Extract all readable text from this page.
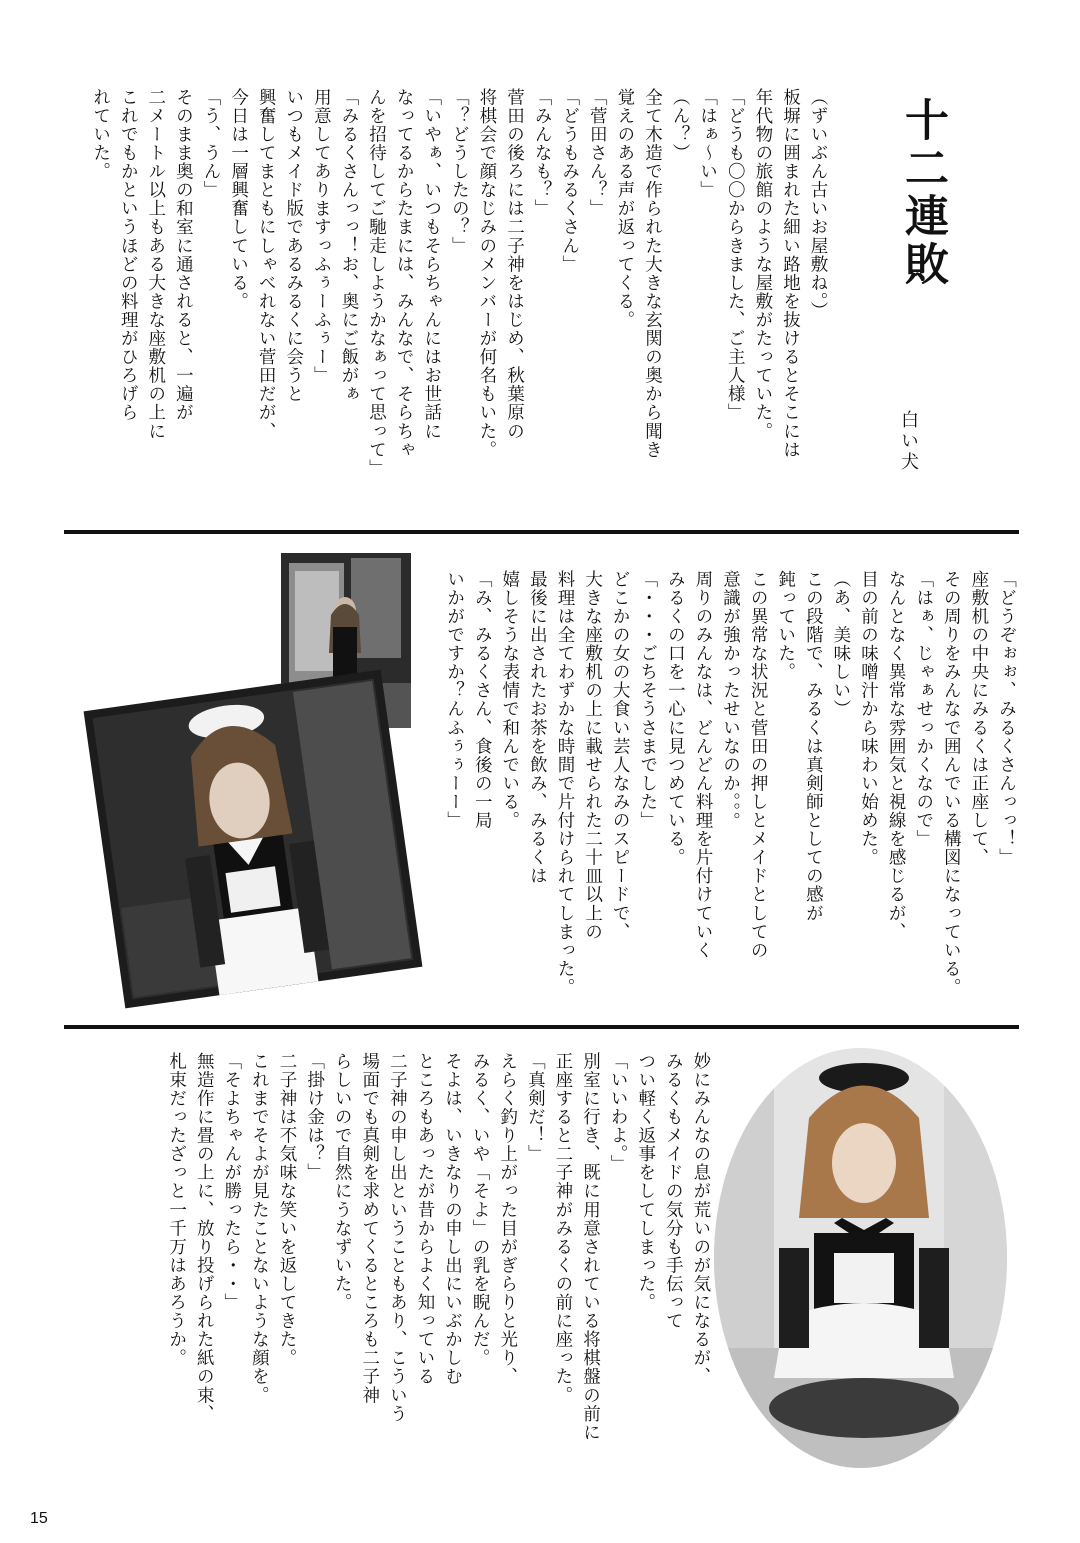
十二連敗
白い犬
（ずいぶん古いお屋敷ね。）
板塀に囲まれた細い路地を抜けるとそこには
年代物の旅館のような屋敷がたっていた。
「どうも〇〇からきました、ご主人様」
「はぁ～い」
（ん？）
全て木造で作られた大きな玄関の奥から聞き
覚えのある声が返ってくる。
「菅田さん？」
「どうもみるくさん」
「みんなも？」
菅田の後ろには二子神をはじめ、秋葉原の
将棋会で顔なじみのメンバーが何名もいた。
「？どうしたの？」
「いやぁ、いつもそらちゃんにはお世話に
なってるからたまには、みんなで、そらちゃ
んを招待してご馳走しようかなぁって思って」
「みるくさんっっ！お、奥にご飯がぁ
用意してありますっふぅーふぅー」
いつもメイド版であるみるくに会うと
興奮してまともにしゃべれない菅田だが、
今日は一層興奮している。
「う、うん」
そのまま奥の和室に通されると、一遍が
二メートル以上もある大きな座敷机の上に
これでもかというほどの料理がひろげら
れていた。
「どうぞぉぉ、みるくさんっっ！」
座敷机の中央にみるくは正座して、
その周りをみんなで囲んでいる構図になっている。
「はぁ、じゃぁせっかくなので」
なんとなく異常な雰囲気と視線を感じるが、
目の前の味噌汁から味わい始めた。
（あ、美味しい）
この段階で、みるくは真剣師としての感が
鈍っていた。
この異常な状況と菅田の押しとメイドとしての
意識が強かったせいなのか。。。
周りのみんなは、どんどん料理を片付けていく
みるくの口を一心に見つめている。
「・・・ごちそうさまでした」
どこかの女の大食い芸人なみのスピードで、
大きな座敷机の上に載せられた二十皿以上の
料理は全てわずかな時間で片付けられてしまった。
最後に出されたお茶を飲み、みるくは
嬉しそうな表情で和んでいる。
「み、みるくさん、食後の一局
いかがですか？んふぅぅーー」
妙にみんなの息が荒いのが気になるが、
みるくもメイドの気分も手伝って
つい軽く返事をしてしまった。
「いいわよ。」
別室に行き、既に用意されている将棋盤の前に
正座すると二子神がみるくの前に座った。
「真剣だ！」
えらく釣り上がった目がぎらりと光り、
みるく、いや「そよ」の乳を睨んだ。
そよは、いきなりの申し出にいぶかしむ
ところもあったが昔からよく知っている
二子神の申し出ということもあり、こういう
場面でも真剣を求めてくるところも二子神
らしいので自然にうなずいた。
「掛け金は？」
二子神は不気味な笑いを返してきた。
これまでそよが見たことないような顔を。
「そよちゃんが勝ったら・・」
無造作に畳の上に、放り投げられた紙の束、
札束だったざっと一千万はあろうか。
15
